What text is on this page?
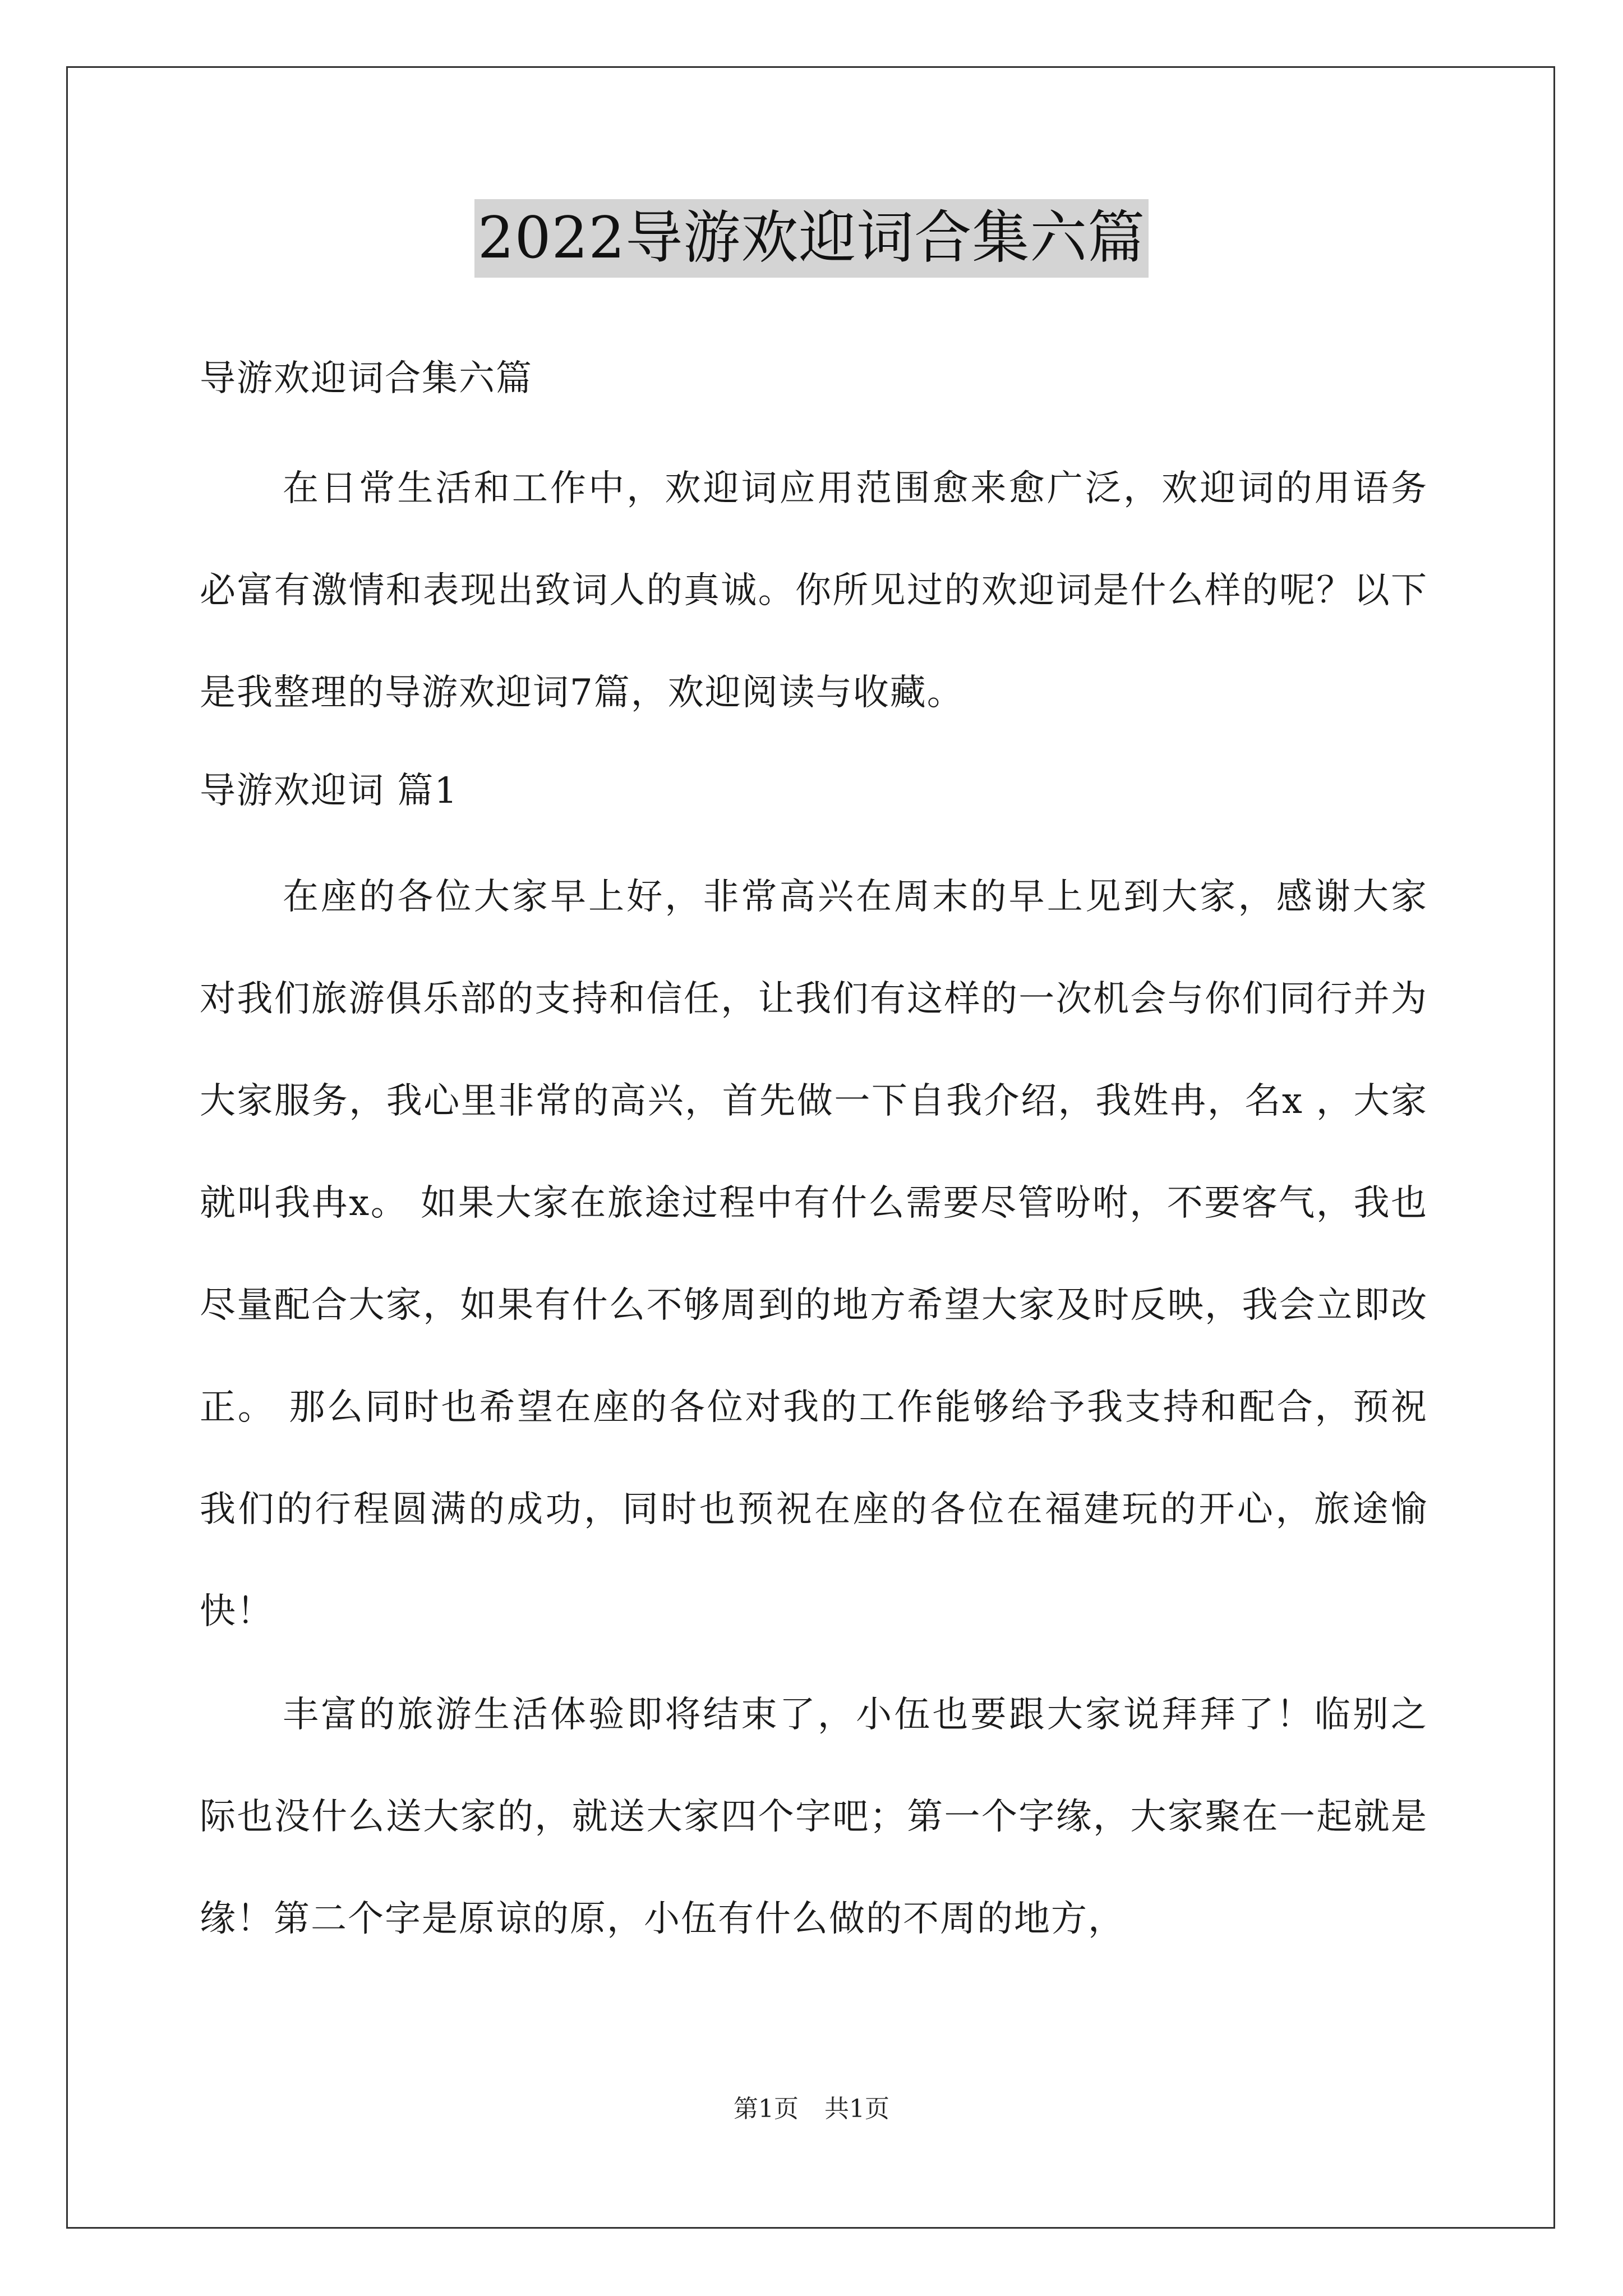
2022导游欢迎词合集六篇
导游欢迎词合集六篇

在日常生活和工作中，欢迎词应用范围愈来愈广泛，欢迎词的用语务必富有激情和表现出致词人的真诚。你所见过的欢迎词是什么样的呢？以下是我整理的导游欢迎词7篇，欢迎阅读与收藏。

导游欢迎词 篇1

在座的各位大家早上好，非常高兴在周末的早上见到大家，感谢大家对我们旅游俱乐部的支持和信任，让我们有这样的一次机会与你们同行并为大家服务，我心里非常的高兴，首先做一下自我介绍，我姓冉，名x ，大家就叫我冉x。 如果大家在旅途过程中有什么需要尽管吩咐，不要客气，我也尽量配合大家，如果有什么不够周到的地方希望大家及时反映，我会立即改正。 那么同时也希望在座的各位对我的工作能够给予我支持和配合，预祝我们的行程圆满的成功，同时也预祝在座的各位在福建玩的开心，旅途愉快！

丰富的旅游生活体验即将结束了，小伍也要跟大家说拜拜了！临别之际也没什么送大家的，就送大家四个字吧；第一个字缘，大家聚在一起就是缘！第二个字是原谅的原，小伍有什么做的不周的地方，

第1页 共1页
